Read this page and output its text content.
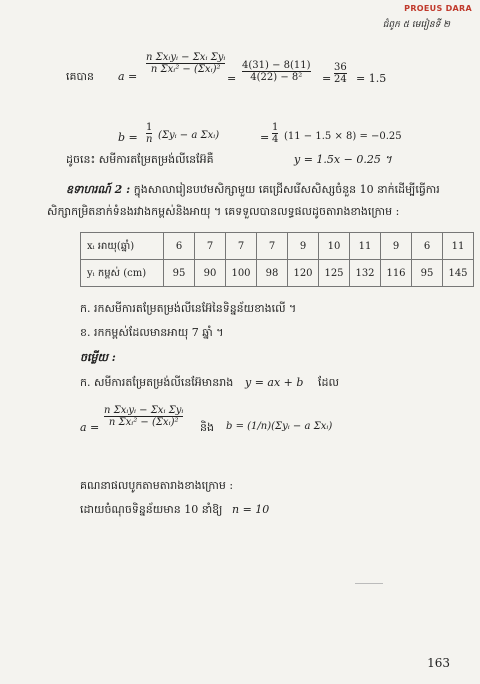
PROEUS DARA
ជំពូក ៥ មេរៀនទី ២
គេបាន a =
$\frac{\text{n Σxᵢyᵢ − Σxᵢ Σyᵢ}}{\text{n Σxᵢ² − (Σxᵢ)²}}$
= $\frac{4(31) - 8(11)}{\text{4(22) − 8²}} = \frac{36}{24} = 1.5$
$b = \frac{1}{n}$ (Σyᵢ − a Σxᵢ)	= $\frac{1}{4} (11 - 1.5 \times 8) = -0.25$
ដូចនេះ សមីការតម្រែតម្រង់លីនេអ៊ែគឺ	y = 1.5x − 0.25 ។
ឧទាហរណ៍ 2 : ក្នុងសាលារៀនបឋមសិក្សាមួយ គេជ្រើសរើសសិស្សចំនួន 10 នាក់ដើម្បីធ្វើការ
សិក្សាកម្រិតនាក់ទំនងរវាងកម្ពស់និងអាយុ ។ គេទទួលបានលទ្ធផលដូចតារាងខាងក្រោម :
xᵢ អាយុ(ឆ្នាំ)	6	7	7	7	9	10	11	9	6	11
yᵢ កម្ពស់ (cm)	95	90	100	98	120	125	132	116	95	145
ក. រកសមីការតម្រែតម្រង់លីនេអ៊ែនៃទិន្នន័យខាងលើ ។
ខ. រកកម្ពស់ដែលមានអាយុ 7 ឆ្នាំ ។
ចម្លើយ :
ក. សមីការតម្រែតម្រង់លីនេអ៊ែមានរាង y = ax + b ដែល
$a = \frac{\text{n Σxᵢyᵢ − Σxᵢ Σyᵢ}}{\text{n Σxᵢ² − (Σxᵢ)²}}$ និង b = (1/n)(Σyᵢ − a Σxᵢ)
គណនាផលបូកតាមតារាងខាងក្រោម :
ដោយចំណុចទិន្នន័យមាន 10 នាំឱ្យ n = 10
163
